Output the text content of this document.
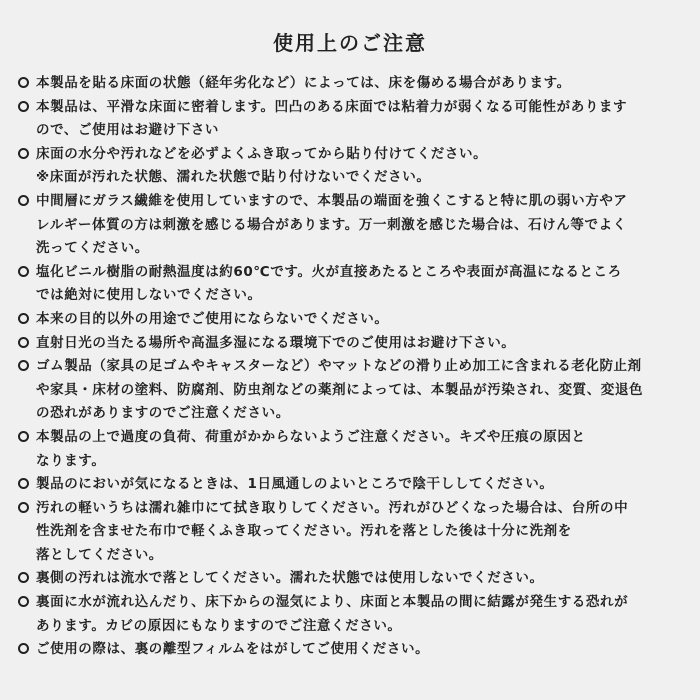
使用上のご注意
本製品を貼る床面の状態（経年劣化など）によっては、床を傷める場合があります。
本製品は、平滑な床面に密着します。凹凸のある床面では粘着力が弱くなる可能性があります
ので、ご使用はお避け下さい
床面の水分や汚れなどを必ずよくふき取ってから貼り付けてください。
※床面が汚れた状態、濡れた状態で貼り付けないでください。
中間層にガラス繊維を使用していますので、本製品の端面を強くこすると特に肌の弱い方やア
レルギー体質の方は刺激を感じる場合があります。万一刺激を感じた場合は、石けん等でよく
洗ってください。
塩化ビニル樹脂の耐熱温度は約60℃です。火が直接あたるところや表面が高温になるところ
では絶対に使用しないでください。
本来の目的以外の用途でご使用にならないでください。
直射日光の当たる場所や高温多湿になる環境下でのご使用はお避け下さい。
ゴム製品（家具の足ゴムやキャスターなど）やマットなどの滑り止め加工に含まれる老化防止剤
や家具・床材の塗料、防腐剤、防虫剤などの薬剤によっては、本製品が汚染され、変質、変退色
の恐れがありますのでご注意ください。
本製品の上で過度の負荷、荷重がかからないようご注意ください。キズや圧痕の原因と
なります。
製品のにおいが気になるときは、1日風通しのよいところで陰干ししてください。
汚れの軽いうちは濡れ雑巾にて拭き取りしてください。汚れがひどくなった場合は、台所の中
性洗剤を含ませた布巾で軽くふき取ってください。汚れを落とした後は十分に洗剤を
落としてください。
裏側の汚れは流水で落としてください。濡れた状態では使用しないでください。
裏面に水が流れ込んだり、床下からの湿気により、床面と本製品の間に結露が発生する恐れが
あります。カビの原因にもなりますのでご注意ください。
ご使用の際は、裏の離型フィルムをはがしてご使用ください。
